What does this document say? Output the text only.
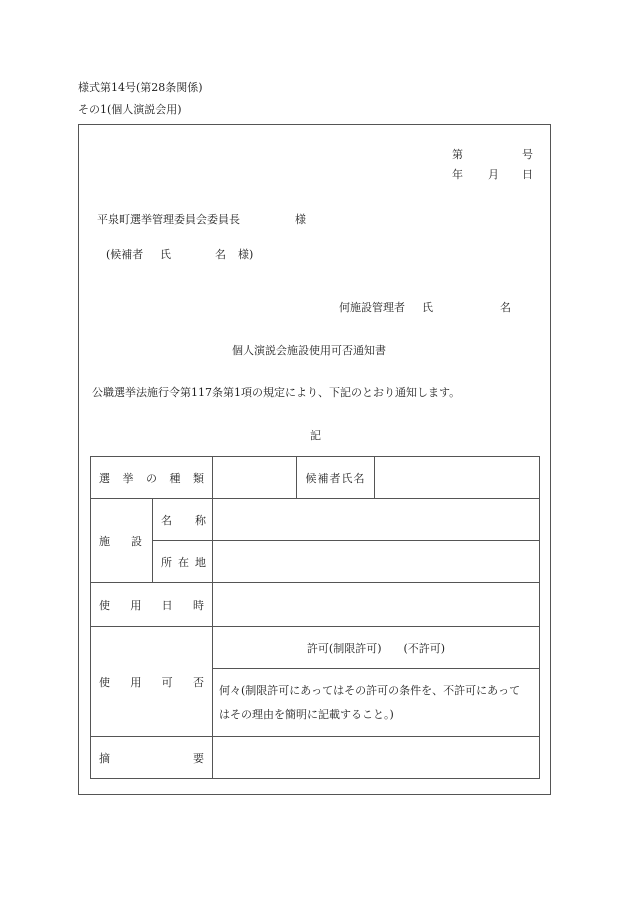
様式第14号(第28条関係)
その1(個人演説会用)
第	号
年 月 日
平泉町選挙管理委員会委員長	様
(候補者 氏	名 様)
何施設管理者 氏	名
個人演説会施設使用可否通知書
公職選挙法施行令第117条第1項の規定により、下記のとおり通知します。
記
選 挙 の 種 類			候補者氏名	

施 設	名 称			

	所 在 地			

使 用 日 時				

使 用 可 否		許可(制限許可)　　(不許可)		

		何々(制限許可にあってはその許可の条件を、不許可にあって
はその理由を簡明に記載すること。)		

摘 要				
